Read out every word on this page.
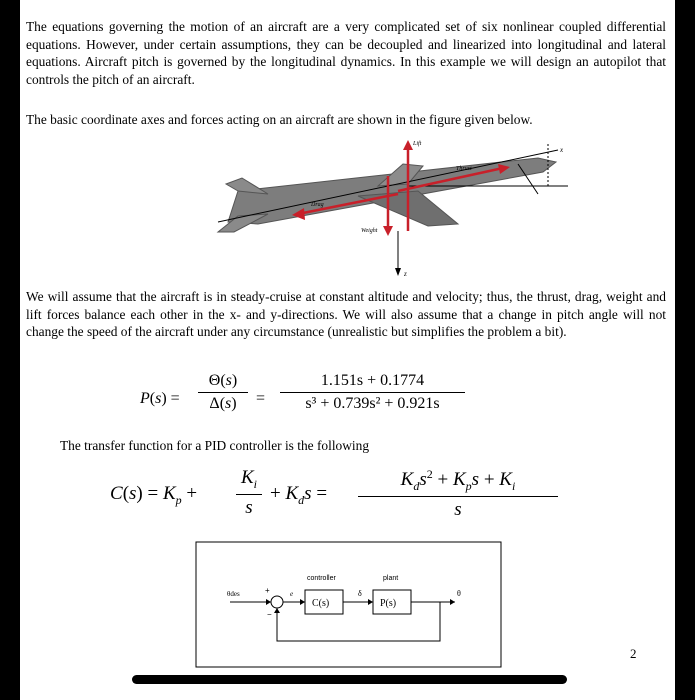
The equations governing the motion of an aircraft are a very complicated set of six nonlinear coupled differential equations. However, under certain assumptions, they can be decoupled and linearized into longitudinal and lateral equations. Aircraft pitch is governed by the longitudinal dynamics. In this example we will design an autopilot that controls the pitch of an aircraft.

The basic coordinate axes and forces acting on an aircraft are shown in the figure given below.

Lift
Thrust
Drag
Weight
z
x

We will assume that the aircraft is in steady-cruise at constant altitude and velocity; thus, the thrust, drag, weight and lift forces balance each other in the x- and y-directions. We will also assume that a change in pitch angle will not change the speed of the aircraft under any circumstance (unrealistic but simplifies the problem a bit).

P(s) =
Θ(s)
Δ(s)	=
1.151s + 0.1774
s³ + 0.739s² + 0.921s

The transfer function for a PID controller is the following

$C(s) = K_p$ +
$K_i$
s
+ $K_ds$ =
$K_ds^2 + K_ps + K_i$
s
controller	plant
C(s)	P(s)
θdes	+
−
e	δ	θ
2
